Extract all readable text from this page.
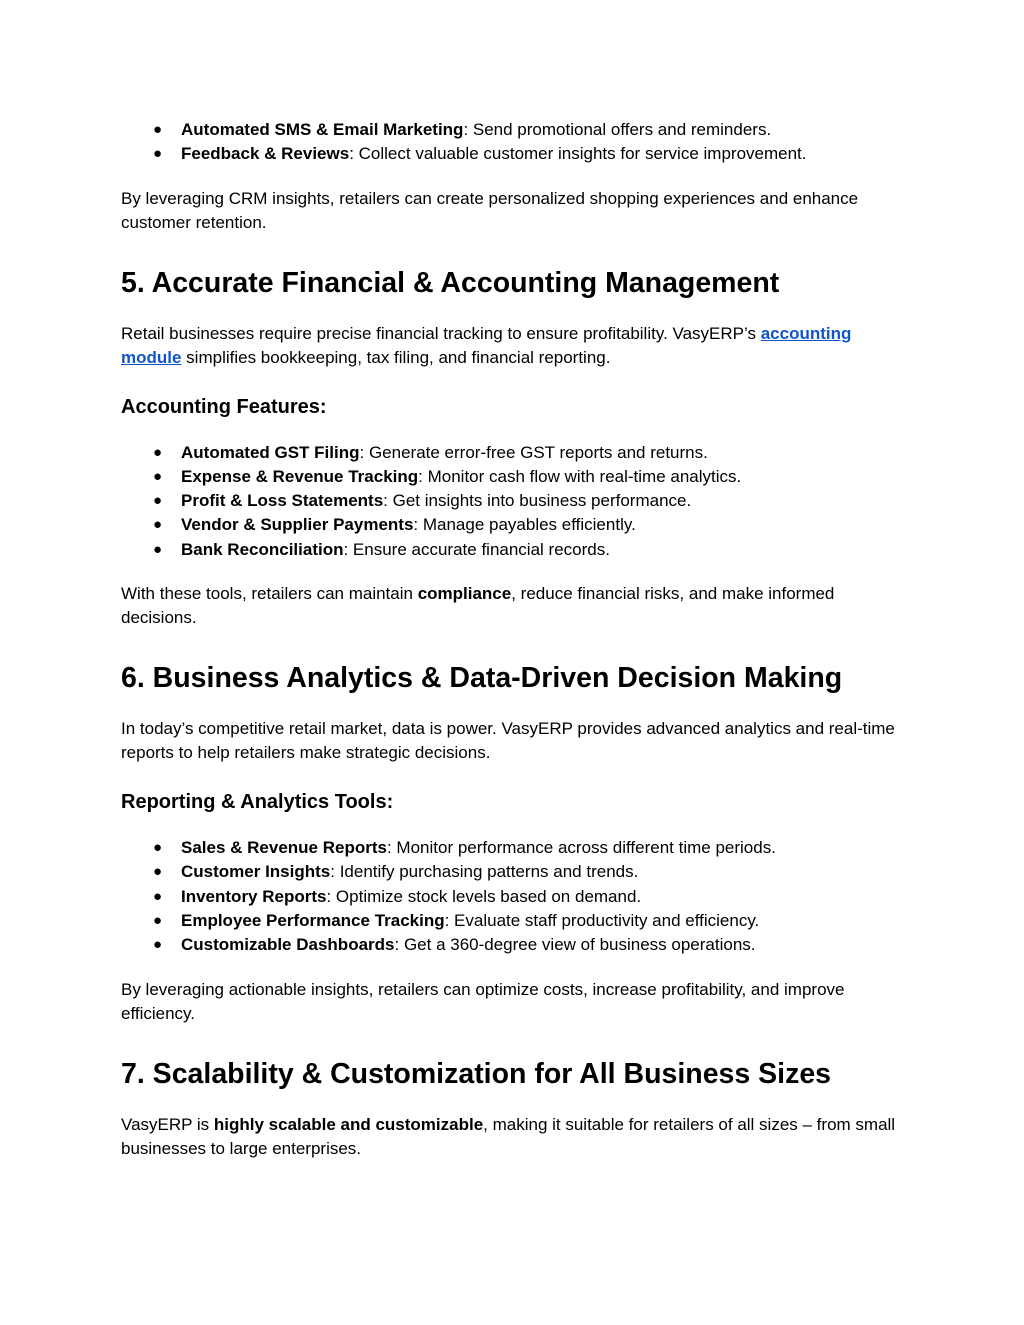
● Automated SMS & Email Marketing: Send promotional offers and reminders.
● Feedback & Reviews: Collect valuable customer insights for service improvement.

By leveraging CRM insights, retailers can create personalized shopping experiences and enhance customer retention.

5. Accurate Financial & Accounting Management

Retail businesses require precise financial tracking to ensure profitability. VasyERP’s accounting module simplifies bookkeeping, tax filing, and financial reporting.

Accounting Features:
● Automated GST Filing: Generate error-free GST reports and returns.
● Expense & Revenue Tracking: Monitor cash flow with real-time analytics.
● Profit & Loss Statements: Get insights into business performance.
● Vendor & Supplier Payments: Manage payables efficiently.
● Bank Reconciliation: Ensure accurate financial records.

With these tools, retailers can maintain compliance, reduce financial risks, and make informed decisions.

6. Business Analytics & Data-Driven Decision Making

In today’s competitive retail market, data is power. VasyERP provides advanced analytics and real-time reports to help retailers make strategic decisions.

Reporting & Analytics Tools:
● Sales & Revenue Reports: Monitor performance across different time periods.
● Customer Insights: Identify purchasing patterns and trends.
● Inventory Reports: Optimize stock levels based on demand.
● Employee Performance Tracking: Evaluate staff productivity and efficiency.
● Customizable Dashboards: Get a 360-degree view of business operations.

By leveraging actionable insights, retailers can optimize costs, increase profitability, and improve efficiency.

7. Scalability & Customization for All Business Sizes

VasyERP is highly scalable and customizable, making it suitable for retailers of all sizes – from small businesses to large enterprises.
